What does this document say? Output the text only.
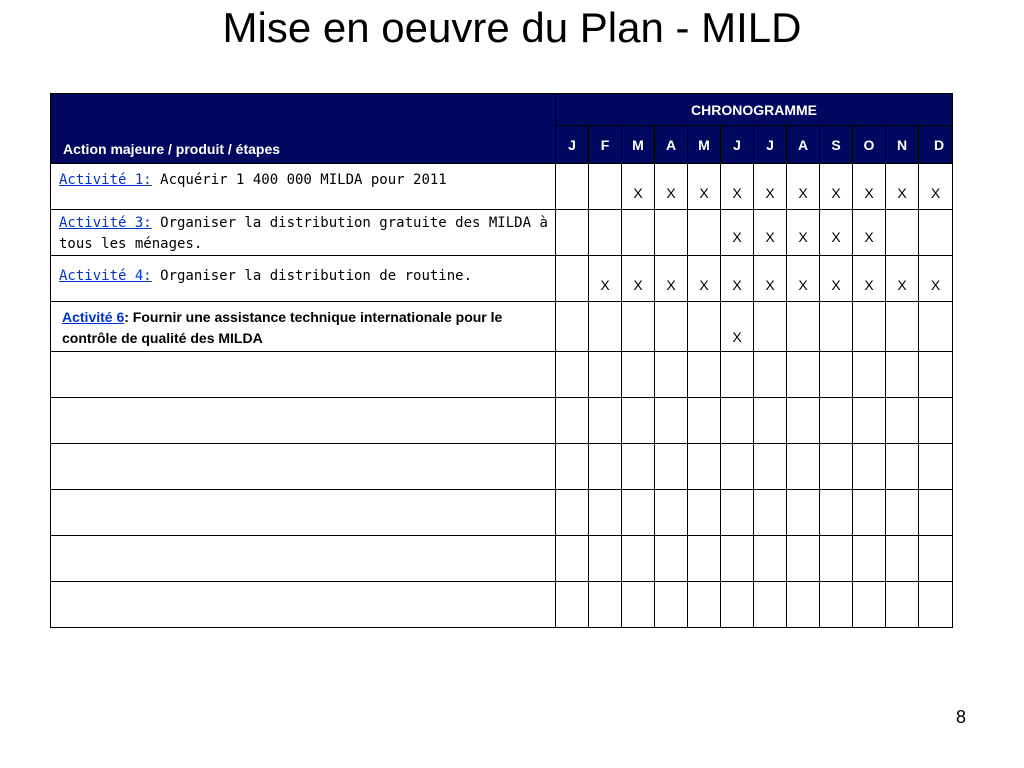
Mise en oeuvre du Plan - MILD
Action majeure / produit / étapes	CHRONOGRAMME											
	J	F	M	A	M	J	J	A	S	O	N	D
Activité 1: Acquérir 1 400 000 MILDA pour 2011			X	X	X	X	X	X	X	X	X	X
Activité 3: Organiser la distribution gratuite des MILDA à tous les ménages.						X	X	X	X	X		
Activité 4: Organiser la distribution de routine.		X	X	X	X	X	X	X	X	X	X	X
Activité 6: Fournir une assistance technique internationale pour le contrôle de qualité des MILDA						X						

8
